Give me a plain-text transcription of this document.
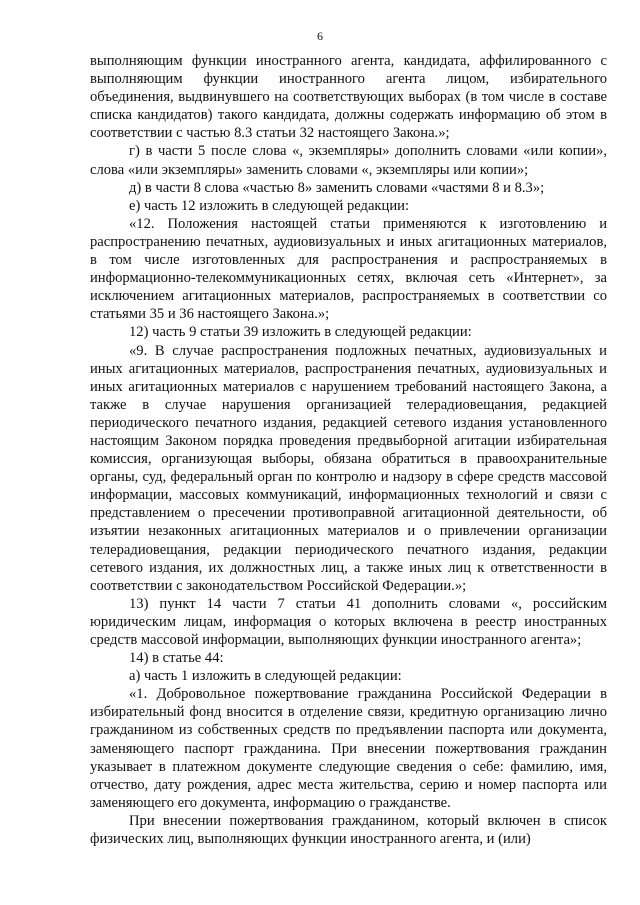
6

выполняющим функции иностранного агента, кандидата, аффилированного с выполняющим функции иностранного агента лицом, избирательного объединения, выдвинувшего на соответствующих выборах (в том числе в составе списка кандидатов) такого кандидата, должны содержать информацию об этом в соответствии с частью 8.3 статьи 32 настоящего Закона.»;

г) в части 5 после слова «, экземпляры» дополнить словами «или копии», слова «или экземпляры» заменить словами «, экземпляры или копии»;

д) в части 8 слова «частью 8» заменить словами «частями 8 и 8.3»;

е) часть 12 изложить в следующей редакции:

«12. Положения настоящей статьи применяются к изготовлению и распространению печатных, аудиовизуальных и иных агитационных материалов, в том числе изготовленных для распространения и распространяемых в информационно-телекоммуникационных сетях, включая сеть «Интернет», за исключением агитационных материалов, распространяемых в соответствии со статьями 35 и 36 настоящего Закона.»;

12) часть 9 статьи 39 изложить в следующей редакции:

«9. В случае распространения подложных печатных, аудиовизуальных и иных агитационных материалов, распространения печатных, аудиовизуальных и иных агитационных материалов с нарушением требований настоящего Закона, а также в случае нарушения организацией телерадиовещания, редакцией периодического печатного издания, редакцией сетевого издания установленного настоящим Законом порядка проведения предвыборной агитации избирательная комиссия, организующая выборы, обязана обратиться в правоохранительные органы, суд, федеральный орган по контролю и надзору в сфере средств массовой информации, массовых коммуникаций, информационных технологий и связи с представлением о пресечении противоправной агитационной деятельности, об изъятии незаконных агитационных материалов и о привлечении организации телерадиовещания, редакции периодического печатного издания, редакции сетевого издания, их должностных лиц, а также иных лиц к ответственности в соответствии с законодательством Российской Федерации.»;

13) пункт 14 части 7 статьи 41 дополнить словами «, российским юридическим лицам, информация о которых включена в реестр иностранных средств массовой информации, выполняющих функции иностранного агента»;

14) в статье 44:

а) часть 1 изложить в следующей редакции:

«1. Добровольное пожертвование гражданина Российской Федерации в избирательный фонд вносится в отделение связи, кредитную организацию лично гражданином из собственных средств по предъявлении паспорта или документа, заменяющего паспорт гражданина. При внесении пожертвования гражданин указывает в платежном документе следующие сведения о себе: фамилию, имя, отчество, дату рождения, адрес места жительства, серию и номер паспорта или заменяющего его документа, информацию о гражданстве.

При внесении пожертвования гражданином, который включен в список физических лиц, выполняющих функции иностранного агента, и (или)
